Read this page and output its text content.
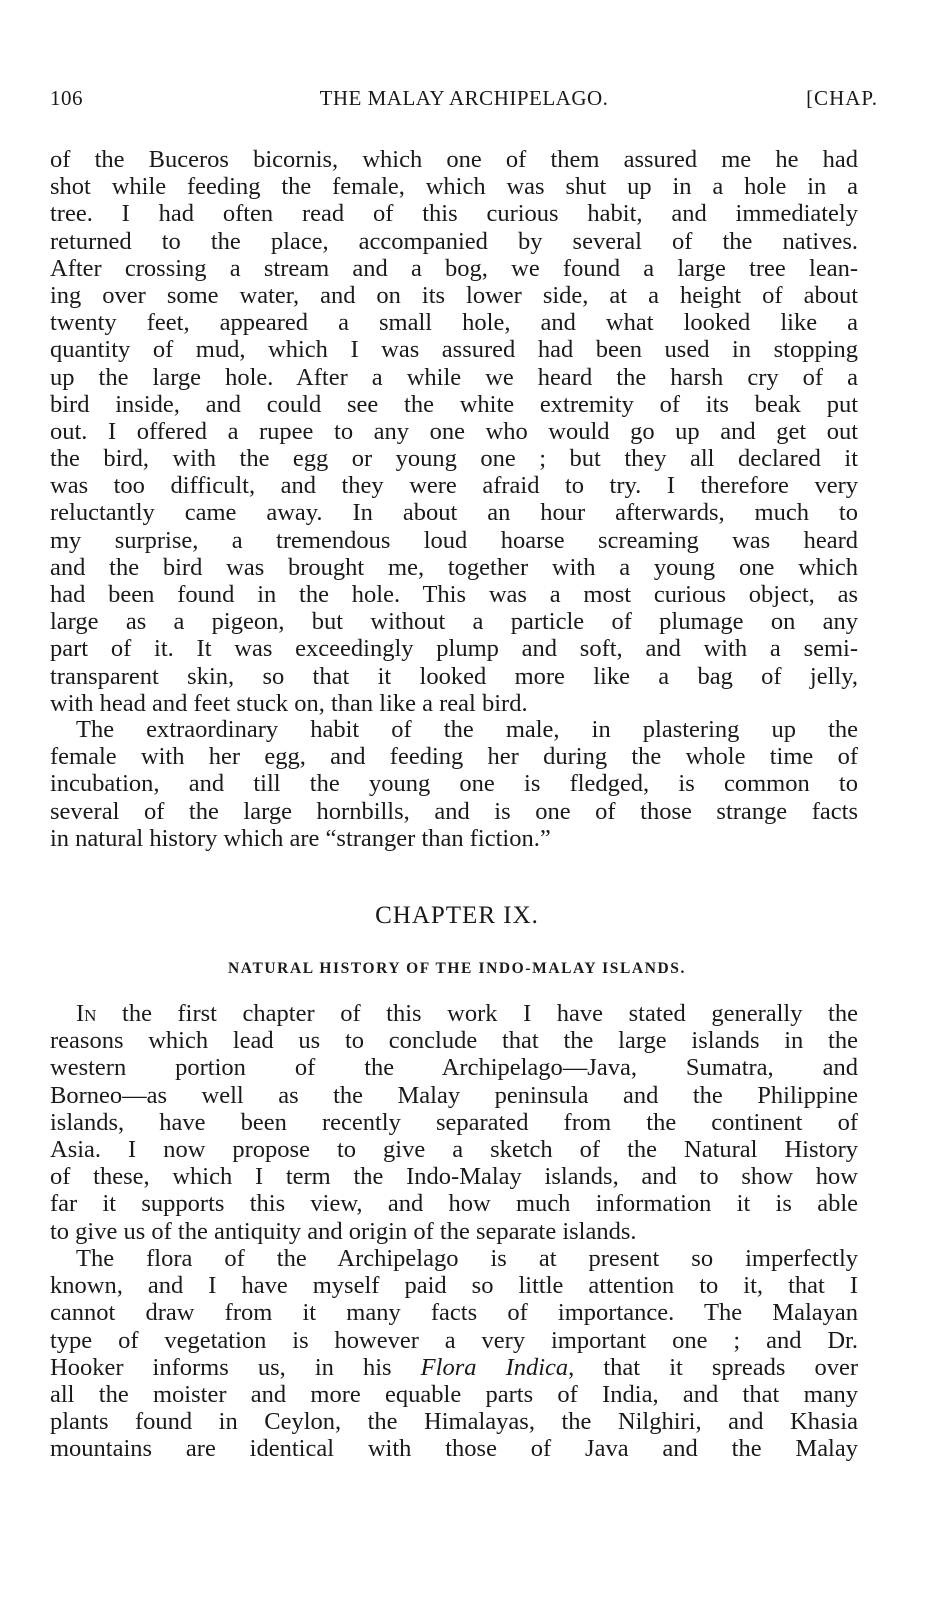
106	THE MALAY ARCHIPELAGO.	[CHAP.
of the Buceros bicornis, which one of them assured me he had
shot while feeding the female, which was shut up in a hole in a
tree. I had often read of this curious habit, and immediately
returned to the place, accompanied by several of the natives.
After crossing a stream and a bog, we found a large tree lean-
ing over some water, and on its lower side, at a height of about
twenty feet, appeared a small hole, and what looked like a
quantity of mud, which I was assured had been used in stopping
up the large hole. After a while we heard the harsh cry of a
bird inside, and could see the white extremity of its beak put
out. I offered a rupee to any one who would go up and get out
the bird, with the egg or young one ; but they all declared it
was too difficult, and they were afraid to try. I therefore very
reluctantly came away. In about an hour afterwards, much to
my surprise, a tremendous loud hoarse screaming was heard
and the bird was brought me, together with a young one which
had been found in the hole. This was a most curious object, as
large as a pigeon, but without a particle of plumage on any
part of it. It was exceedingly plump and soft, and with a semi-
transparent skin, so that it looked more like a bag of jelly,
with head and feet stuck on, than like a real bird.
The extraordinary habit of the male, in plastering up the
female with her egg, and feeding her during the whole time of
incubation, and till the young one is fledged, is common to
several of the large hornbills, and is one of those strange facts
in natural history which are “stranger than fiction.”
CHAPTER IX.
NATURAL HISTORY OF THE INDO-MALAY ISLANDS.
In the first chapter of this work I have stated generally the
reasons which lead us to conclude that the large islands in the
western portion of the Archipelago—Java, Sumatra, and
Borneo—as well as the Malay peninsula and the Philippine
islands, have been recently separated from the continent of
Asia. I now propose to give a sketch of the Natural History
of these, which I term the Indo-Malay islands, and to show how
far it supports this view, and how much information it is able
to give us of the antiquity and origin of the separate islands.
The flora of the Archipelago is at present so imperfectly
known, and I have myself paid so little attention to it, that I
cannot draw from it many facts of importance. The Malayan
type of vegetation is however a very important one ; and Dr.
Hooker informs us, in his Flora Indica, that it spreads over
all the moister and more equable parts of India, and that many
plants found in Ceylon, the Himalayas, the Nilghiri, and Khasia
mountains are identical with those of Java and the Malay
